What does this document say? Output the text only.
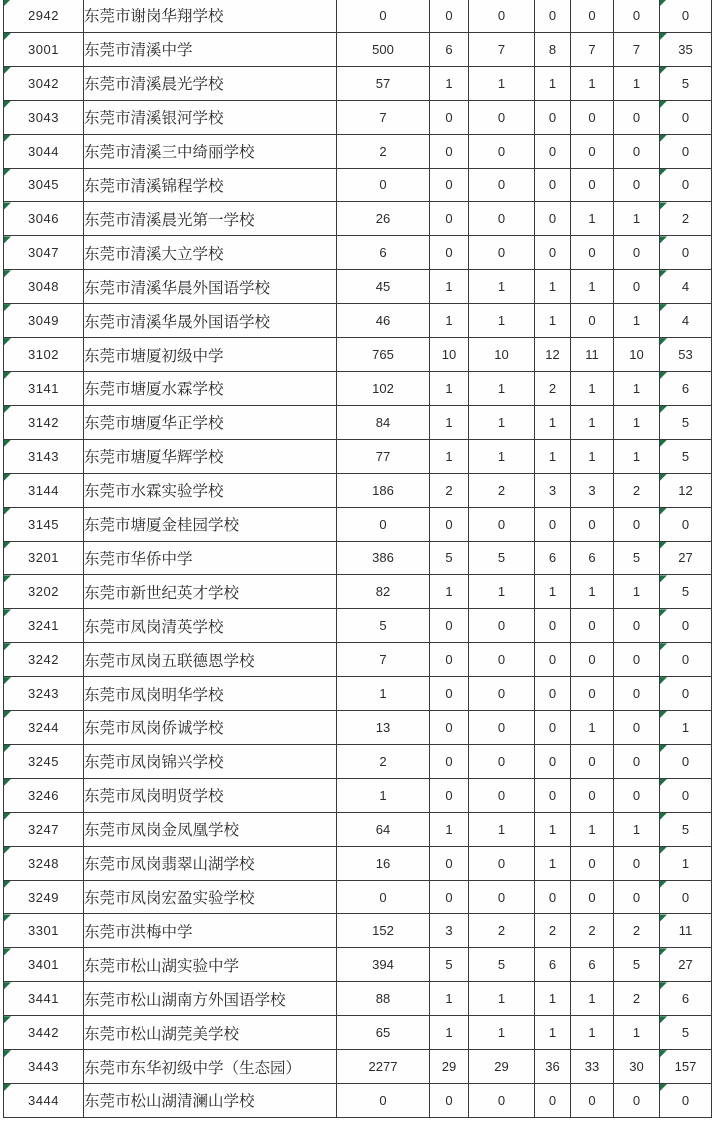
2942	东莞市谢岗华翔学校	0	0	0	0	0	0	0

3001	东莞市清溪中学	500	6	7	8	7	7	35

3042	东莞市清溪晨光学校	57	1	1	1	1	1	5

3043	东莞市清溪银河学校	7	0	0	0	0	0	0

3044	东莞市清溪三中绮丽学校	2	0	0	0	0	0	0

3045	东莞市清溪锦程学校	0	0	0	0	0	0	0

3046	东莞市清溪晨光第一学校	26	0	0	0	1	1	2

3047	东莞市清溪大立学校	6	0	0	0	0	0	0

3048	东莞市清溪华晨外国语学校	45	1	1	1	1	0	4

3049	东莞市清溪华晟外国语学校	46	1	1	1	0	1	4

3102	东莞市塘厦初级中学	765	10	10	12	11	10	53

3141	东莞市塘厦水霖学校	102	1	1	2	1	1	6

3142	东莞市塘厦华正学校	84	1	1	1	1	1	5

3143	东莞市塘厦华辉学校	77	1	1	1	1	1	5

3144	东莞市水霖实验学校	186	2	2	3	3	2	12

3145	东莞市塘厦金桂园学校	0	0	0	0	0	0	0

3201	东莞市华侨中学	386	5	5	6	6	5	27

3202	东莞市新世纪英才学校	82	1	1	1	1	1	5

3241	东莞市凤岗清英学校	5	0	0	0	0	0	0

3242	东莞市凤岗五联德恩学校	7	0	0	0	0	0	0

3243	东莞市凤岗明华学校	1	0	0	0	0	0	0

3244	东莞市凤岗侨诚学校	13	0	0	0	1	0	1

3245	东莞市凤岗锦兴学校	2	0	0	0	0	0	0

3246	东莞市凤岗明贤学校	1	0	0	0	0	0	0

3247	东莞市凤岗金凤凰学校	64	1	1	1	1	1	5

3248	东莞市凤岗翡翠山湖学校	16	0	0	1	0	0	1

3249	东莞市凤岗宏盈实验学校	0	0	0	0	0	0	0

3301	东莞市洪梅中学	152	3	2	2	2	2	11

3401	东莞市松山湖实验中学	394	5	5	6	6	5	27

3441	东莞市松山湖南方外国语学校	88	1	1	1	1	2	6

3442	东莞市松山湖莞美学校	65	1	1	1	1	1	5

3443	东莞市东华初级中学（生态园）	2277	29	29	36	33	30	157

3444	东莞市松山湖清澜山学校	0	0	0	0	0	0	0
